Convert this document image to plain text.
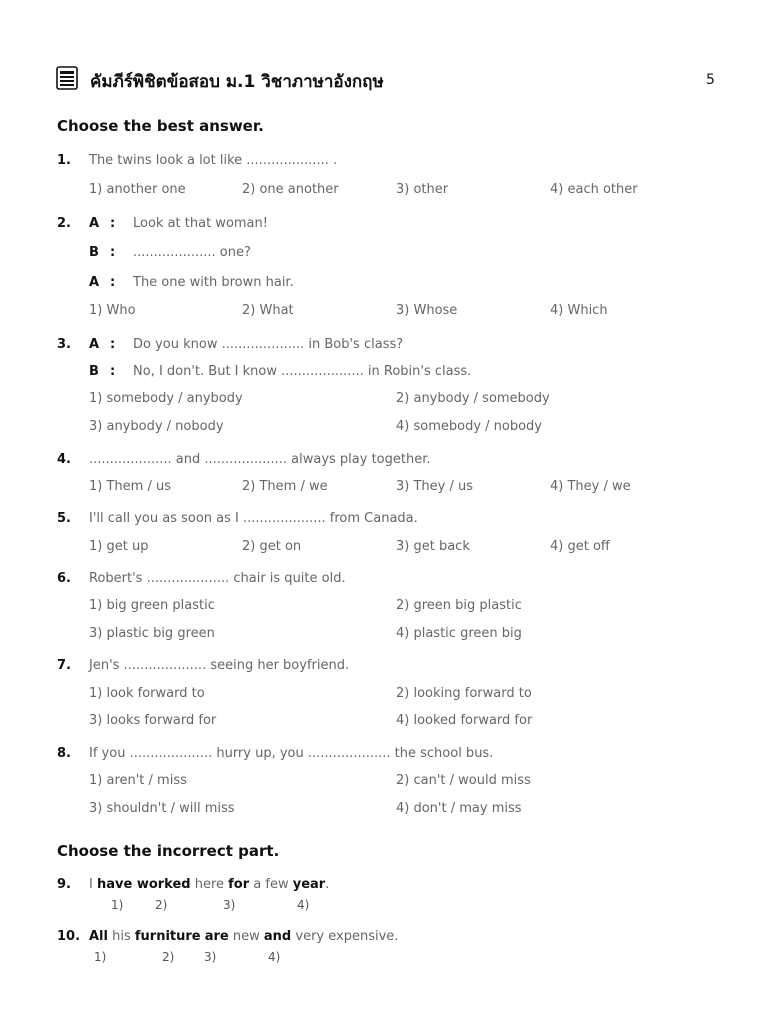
คัมภีร์พิชิตข้อสอบ ม.1 วิชาภาษาอังกฤษ	5
Choose the best answer.
1. The twins look a lot like .................... .
1) another one	2) one another	3) other	4) each other
2. A : Look at that woman!
B : .................... one?
A : The one with brown hair.
1) Who	2) What	3) Whose	4) Which
3. A : Do you know .................... in Bob's class?
B : No, I don't. But I know .................... in Robin's class.
1) somebody / anybody	2) anybody / somebody
3) anybody / nobody	4) somebody / nobody
4. .................... and .................... always play together.
1) Them / us	2) Them / we	3) They / us	4) They / we
5. I'll call you as soon as I .................... from Canada.
1) get up	2) get on	3) get back	4) get off
6. Robert's .................... chair is quite old.
1) big green plastic	2) green big plastic
3) plastic big green	4) plastic green big
7. Jen's .................... seeing her boyfriend.
1) look forward to	2) looking forward to
3) looks forward for	4) looked forward for
8. If you .................... hurry up, you .................... the school bus.
1) aren't / miss	2) can't / would miss
3) shouldn't / will miss	4) don't / may miss
Choose the incorrect part.
9. I have worked here for a few year.
1)	2)	3)	4)
10. All his furniture are new and very expensive.
1)	2) 3)	4)
